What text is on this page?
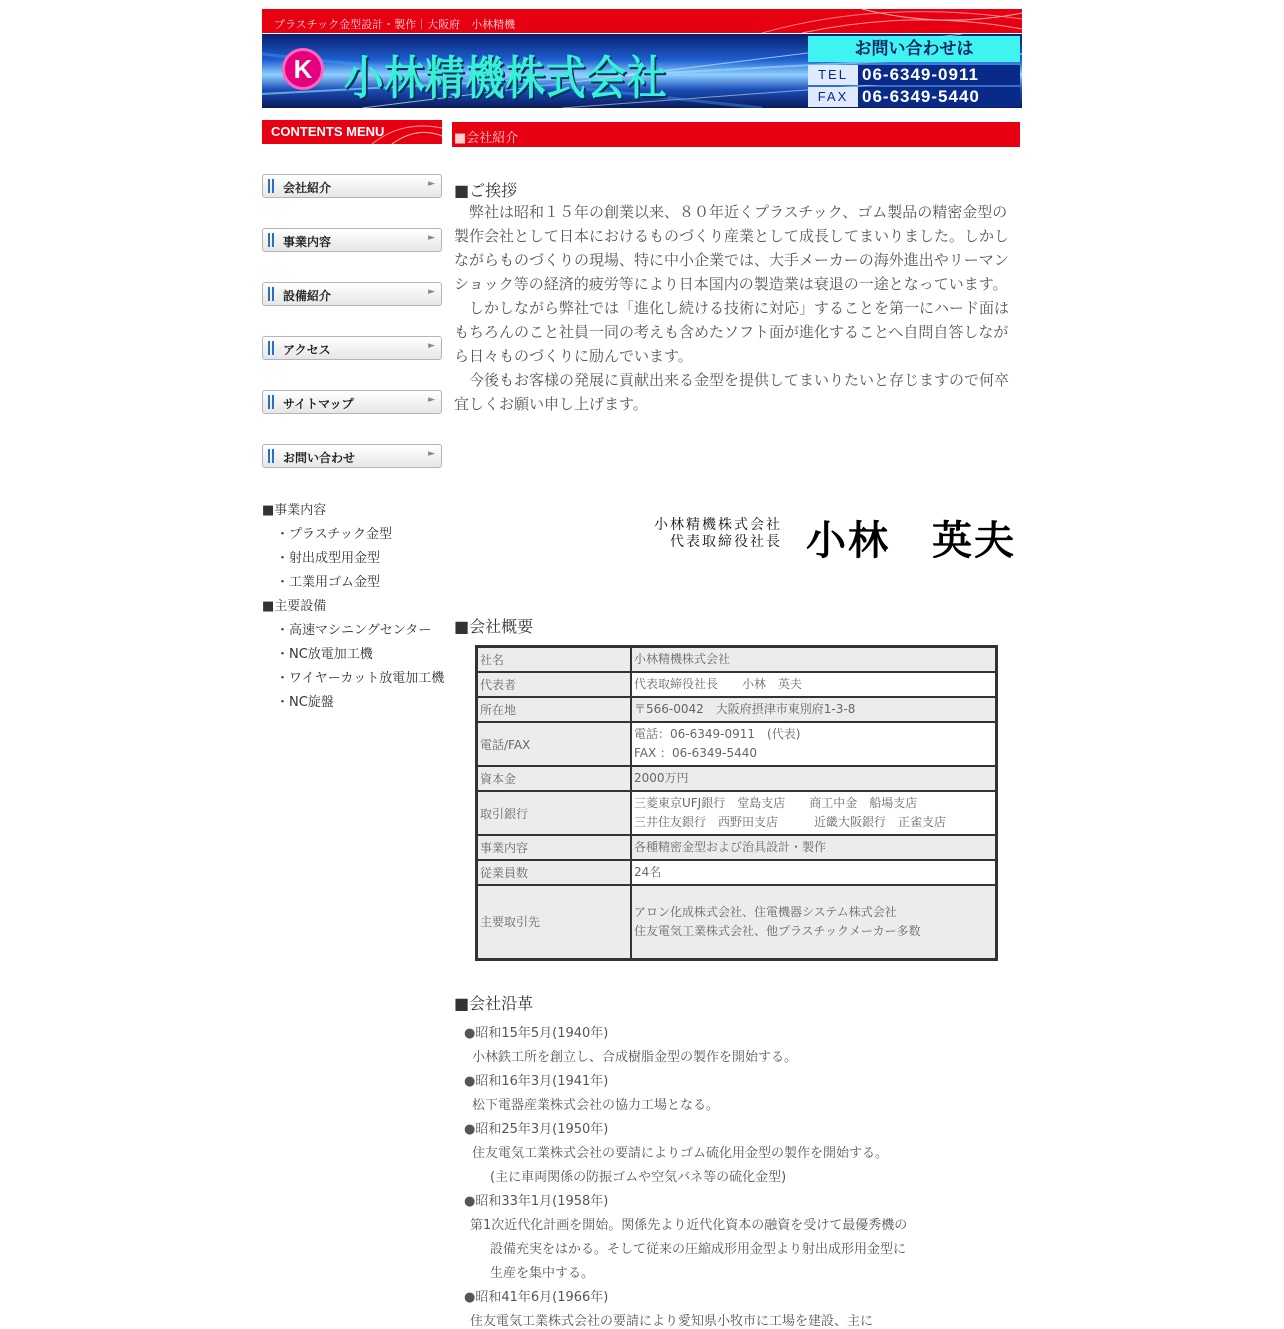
プラスチック金型設計・製作｜大阪府　小林精機
K 小林精機株式会社
お問い合わせは
TEL 06-6349-0911
FAX 06-6349-5440
CONTENTS MENU
会社紹介	►
事業内容	►
設備紹介	►
アクセス	►
サイトマップ	►
お問い合わせ	►
■事業内容
・プラスチック金型
・射出成型用金型
・工業用ゴム金型
■主要設備
・高速マシニングセンター
・NC放電加工機
・ワイヤーカット放電加工機
・NC旋盤
■会社紹介
■ご挨拶

　弊社は昭和１５年の創業以来、８０年近くプラスチック、ゴム製品の精密金型の製作会社として日本におけるものづくり産業として成長してまいりました。しかしながらものづくりの現場、特に中小企業では、大手メーカーの海外進出やリーマンショック等の経済的疲労等により日本国内の製造業は衰退の一途となっています。

　しかしながら弊社では「進化し続ける技術に対応」することを第一にハード面はもちろんのこと社員一同の考えも含めたソフト面が進化することへ自問自答しながら日々ものづくりに励んでいます。

　今後もお客様の発展に貢献出来る金型を提供してまいりたいと存じますので何卒宜しくお願い申し上げます。

小林精機株式会社
代表取締役社長 小林　英夫
■会社概要
社名	小林精機株式会社
代表者	代表取締役社長　　小林　英夫
所在地	〒566-0042　大阪府摂津市東別府1-3-8
電話/FAX	電話：06-6349-0911　(代表)
FAX ：06-6349-5440

資本金	2000万円
取引銀行	三菱東京UFJ銀行　堂島支店　　商工中金　船場支店
三井住友銀行　西野田支店　　　近畿大阪銀行　正雀支店

事業内容	各種精密金型および治具設計・製作
従業員数	24名
主要取引先	アロン化成株式会社、住電機器システム株式会社
住友電気工業株式会社、他プラスチックメーカー多数
■会社沿革
●昭和15年5月(1940年)
小林鉄工所を創立し、合成樹脂金型の製作を開始する。
●昭和16年3月(1941年)
松下電器産業株式会社の協力工場となる。
●昭和25年3月(1950年)
住友電気工業株式会社の要請によりゴム硫化用金型の製作を開始する。
(主に車両関係の防振ゴムや空気バネ等の硫化金型)
●昭和33年1月(1958年)
第1次近代化計画を開始。関係先より近代化資本の融資を受けて最優秀機の
設備充実をはかる。そして従来の圧縮成形用金型より射出成形用金型に
生産を集中する。
●昭和41年6月(1966年)
住友電気工業株式会社の要請により愛知県小牧市に工場を建設、主に
